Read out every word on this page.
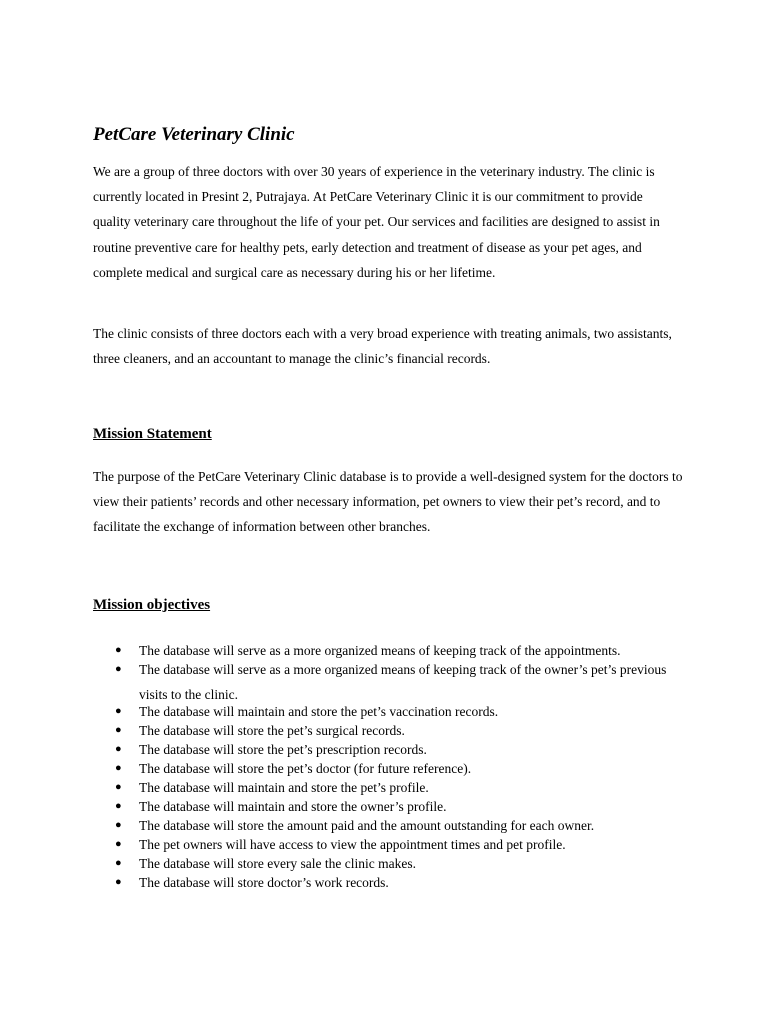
PetCare Veterinary Clinic

We are a group of three doctors with over 30 years of experience in the veterinary industry. The clinic is currently located in Presint 2, Putrajaya. At PetCare Veterinary Clinic it is our commitment to provide quality veterinary care throughout the life of your pet. Our services and facilities are designed to assist in routine preventive care for healthy pets, early detection and treatment of disease as your pet ages, and complete medical and surgical care as necessary during his or her lifetime.

The clinic consists of three doctors each with a very broad experience with treating animals, two assistants, three cleaners, and an accountant to manage the clinic’s financial records.

Mission Statement

The purpose of the PetCare Veterinary Clinic database is to provide a well-designed system for the doctors to view their patients’ records and other necessary information, pet owners to view their pet’s record, and to facilitate the exchange of information between other branches.

Mission objectives
● The database will serve as a more organized means of keeping track of the appointments.
● The database will serve as a more organized means of keeping track of the owner’s pet’s previous visits to the clinic.
● The database will maintain and store the pet’s vaccination records.
● The database will store the pet’s surgical records.
● The database will store the pet’s prescription records.
● The database will store the pet’s doctor (for future reference).
● The database will maintain and store the pet’s profile.
● The database will maintain and store the owner’s profile.
● The database will store the amount paid and the amount outstanding for each owner.
● The pet owners will have access to view the appointment times and pet profile.
● The database will store every sale the clinic makes.
● The database will store doctor’s work records.
